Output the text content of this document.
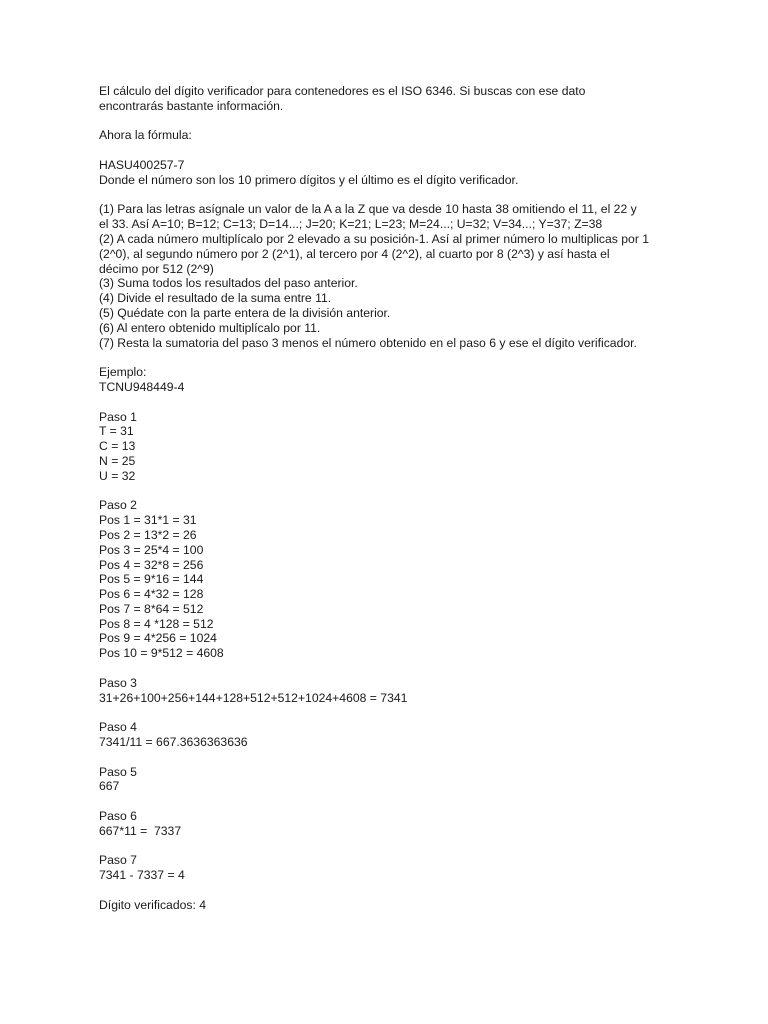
El cálculo del dígito verificador para contenedores es el ISO 6346. Si buscas con ese dato
encontrarás bastante información.
Ahora la fórmula:
HASU400257-7
Donde el número son los 10 primero dígitos y el último es el dígito verificador.
(1) Para las letras asígnale un valor de la A a la Z que va desde 10 hasta 38 omitiendo el 11, el 22 y
el 33. Así A=10; B=12; C=13; D=14...; J=20; K=21; L=23; M=24...; U=32; V=34...; Y=37; Z=38
(2) A cada número multiplícalo por 2 elevado a su posición-1. Así al primer número lo multiplicas por 1
(2^0), al segundo número por 2 (2^1), al tercero por 4 (2^2), al cuarto por 8 (2^3) y así hasta el
décimo por 512 (2^9)
(3) Suma todos los resultados del paso anterior.
(4) Divide el resultado de la suma entre 11.
(5) Quédate con la parte entera de la división anterior.
(6) Al entero obtenido multiplícalo por 11.
(7) Resta la sumatoria del paso 3 menos el número obtenido en el paso 6 y ese el dígito verificador.
Ejemplo:
TCNU948449-4
Paso 1
T = 31
C = 13
N = 25
U = 32
Paso 2
Pos 1 = 31*1 = 31
Pos 2 = 13*2 = 26
Pos 3 = 25*4 = 100
Pos 4 = 32*8 = 256
Pos 5 = 9*16 = 144
Pos 6 = 4*32 = 128
Pos 7 = 8*64 = 512
Pos 8 = 4 *128 = 512
Pos 9 = 4*256 = 1024
Pos 10 = 9*512 = 4608
Paso 3
31+26+100+256+144+128+512+512+1024+4608 = 7341
Paso 4
7341/11 = 667.3636363636
Paso 5
667
Paso 6
667*11 =  7337
Paso 7
7341 - 7337 = 4
Dígito verificados: 4
